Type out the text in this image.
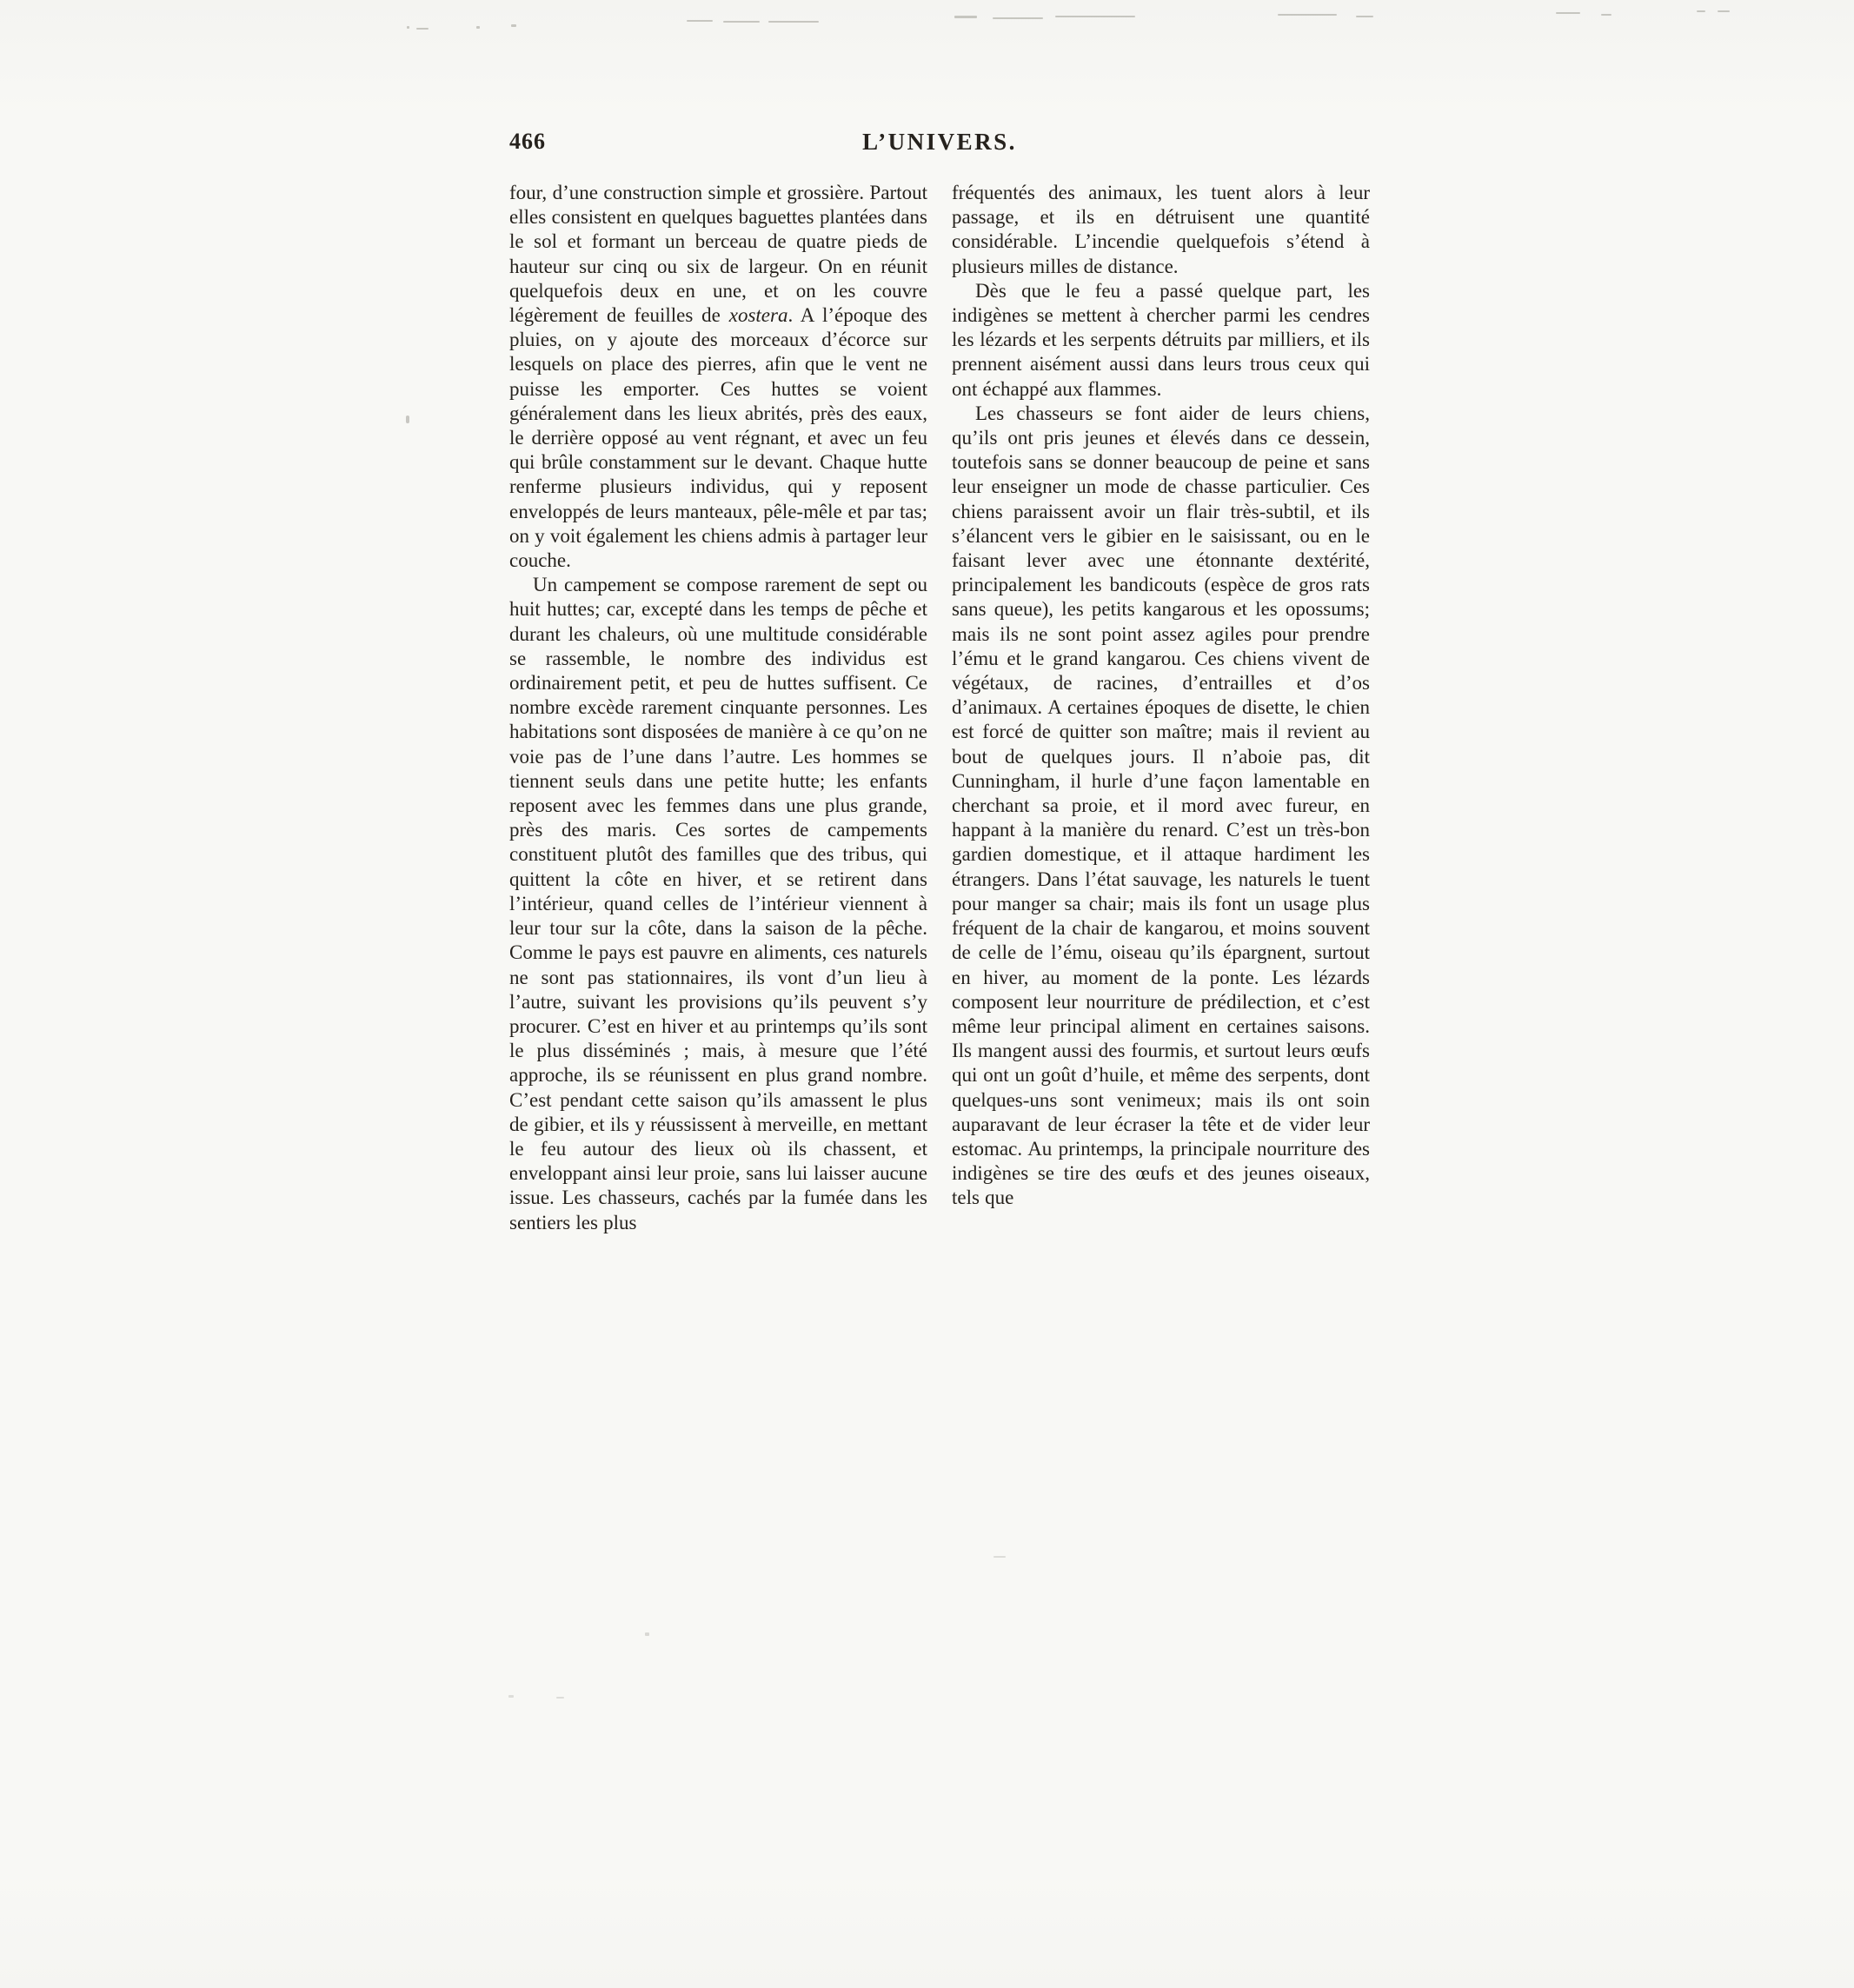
466	L’UNIVERS.

four, d’une construction simple et grossière. Partout elles consistent en quelques baguettes plantées dans le sol et formant un berceau de quatre pieds de hauteur sur cinq ou six de largeur. On en réunit quelquefois deux en une, et on les couvre légèrement de feuilles de xostera. A l’époque des pluies, on y ajoute des morceaux d’écorce sur lesquels on place des pierres, afin que le vent ne puisse les emporter. Ces huttes se voient généralement dans les lieux abrités, près des eaux, le derrière opposé au vent régnant, et avec un feu qui brûle constamment sur le devant. Chaque hutte renferme plusieurs individus, qui y reposent enveloppés de leurs manteaux, pêle-mêle et par tas; on y voit également les chiens admis à partager leur couche.

Un campement se compose rarement de sept ou huit huttes; car, excepté dans les temps de pêche et durant les chaleurs, où une multitude considérable se rassemble, le nombre des individus est ordinairement petit, et peu de huttes suffisent. Ce nombre excède rarement cinquante personnes. Les habitations sont disposées de manière à ce qu’on ne voie pas de l’une dans l’autre. Les hommes se tiennent seuls dans une petite hutte; les enfants reposent avec les femmes dans une plus grande, près des maris. Ces sortes de campements constituent plutôt des familles que des tribus, qui quittent la côte en hiver, et se retirent dans l’intérieur, quand celles de l’intérieur viennent à leur tour sur la côte, dans la saison de la pêche. Comme le pays est pauvre en aliments, ces naturels ne sont pas stationnaires, ils vont d’un lieu à l’autre, suivant les provisions qu’ils peuvent s’y procurer. C’est en hiver et au printemps qu’ils sont le plus disséminés ; mais, à mesure que l’été approche, ils se réunissent en plus grand nombre. C’est pendant cette saison qu’ils amassent le plus de gibier, et ils y réussissent à merveille, en mettant le feu autour des lieux où ils chassent, et enveloppant ainsi leur proie, sans lui laisser aucune issue. Les chasseurs, cachés par la fumée dans les sentiers les plus

fréquentés des animaux, les tuent alors à leur passage, et ils en détruisent une quantité considérable. L’incendie quelquefois s’étend à plusieurs milles de distance.

Dès que le feu a passé quelque part, les indigènes se mettent à chercher parmi les cendres les lézards et les serpents détruits par milliers, et ils prennent aisément aussi dans leurs trous ceux qui ont échappé aux flammes.

Les chasseurs se font aider de leurs chiens, qu’ils ont pris jeunes et élevés dans ce dessein, toutefois sans se donner beaucoup de peine et sans leur enseigner un mode de chasse particulier. Ces chiens paraissent avoir un flair très-subtil, et ils s’élancent vers le gibier en le saisissant, ou en le faisant lever avec une étonnante dextérité, principalement les bandicouts (espèce de gros rats sans queue), les petits kangarous et les opossums; mais ils ne sont point assez agiles pour prendre l’ému et le grand kangarou. Ces chiens vivent de végétaux, de racines, d’entrailles et d’os d’animaux. A certaines époques de disette, le chien est forcé de quitter son maître; mais il revient au bout de quelques jours. Il n’aboie pas, dit Cunningham, il hurle d’une façon lamentable en cherchant sa proie, et il mord avec fureur, en happant à la manière du renard. C’est un très-bon gardien domestique, et il attaque hardiment les étrangers. Dans l’état sauvage, les naturels le tuent pour manger sa chair; mais ils font un usage plus fréquent de la chair de kangarou, et moins souvent de celle de l’ému, oiseau qu’ils épargnent, surtout en hiver, au moment de la ponte. Les lézards composent leur nourriture de prédilection, et c’est même leur principal aliment en certaines saisons. Ils mangent aussi des fourmis, et surtout leurs œufs qui ont un goût d’huile, et même des serpents, dont quelques-uns sont venimeux; mais ils ont soin auparavant de leur écraser la tête et de vider leur estomac. Au printemps, la principale nourriture des indigènes se tire des œufs et des jeunes oiseaux, tels que
